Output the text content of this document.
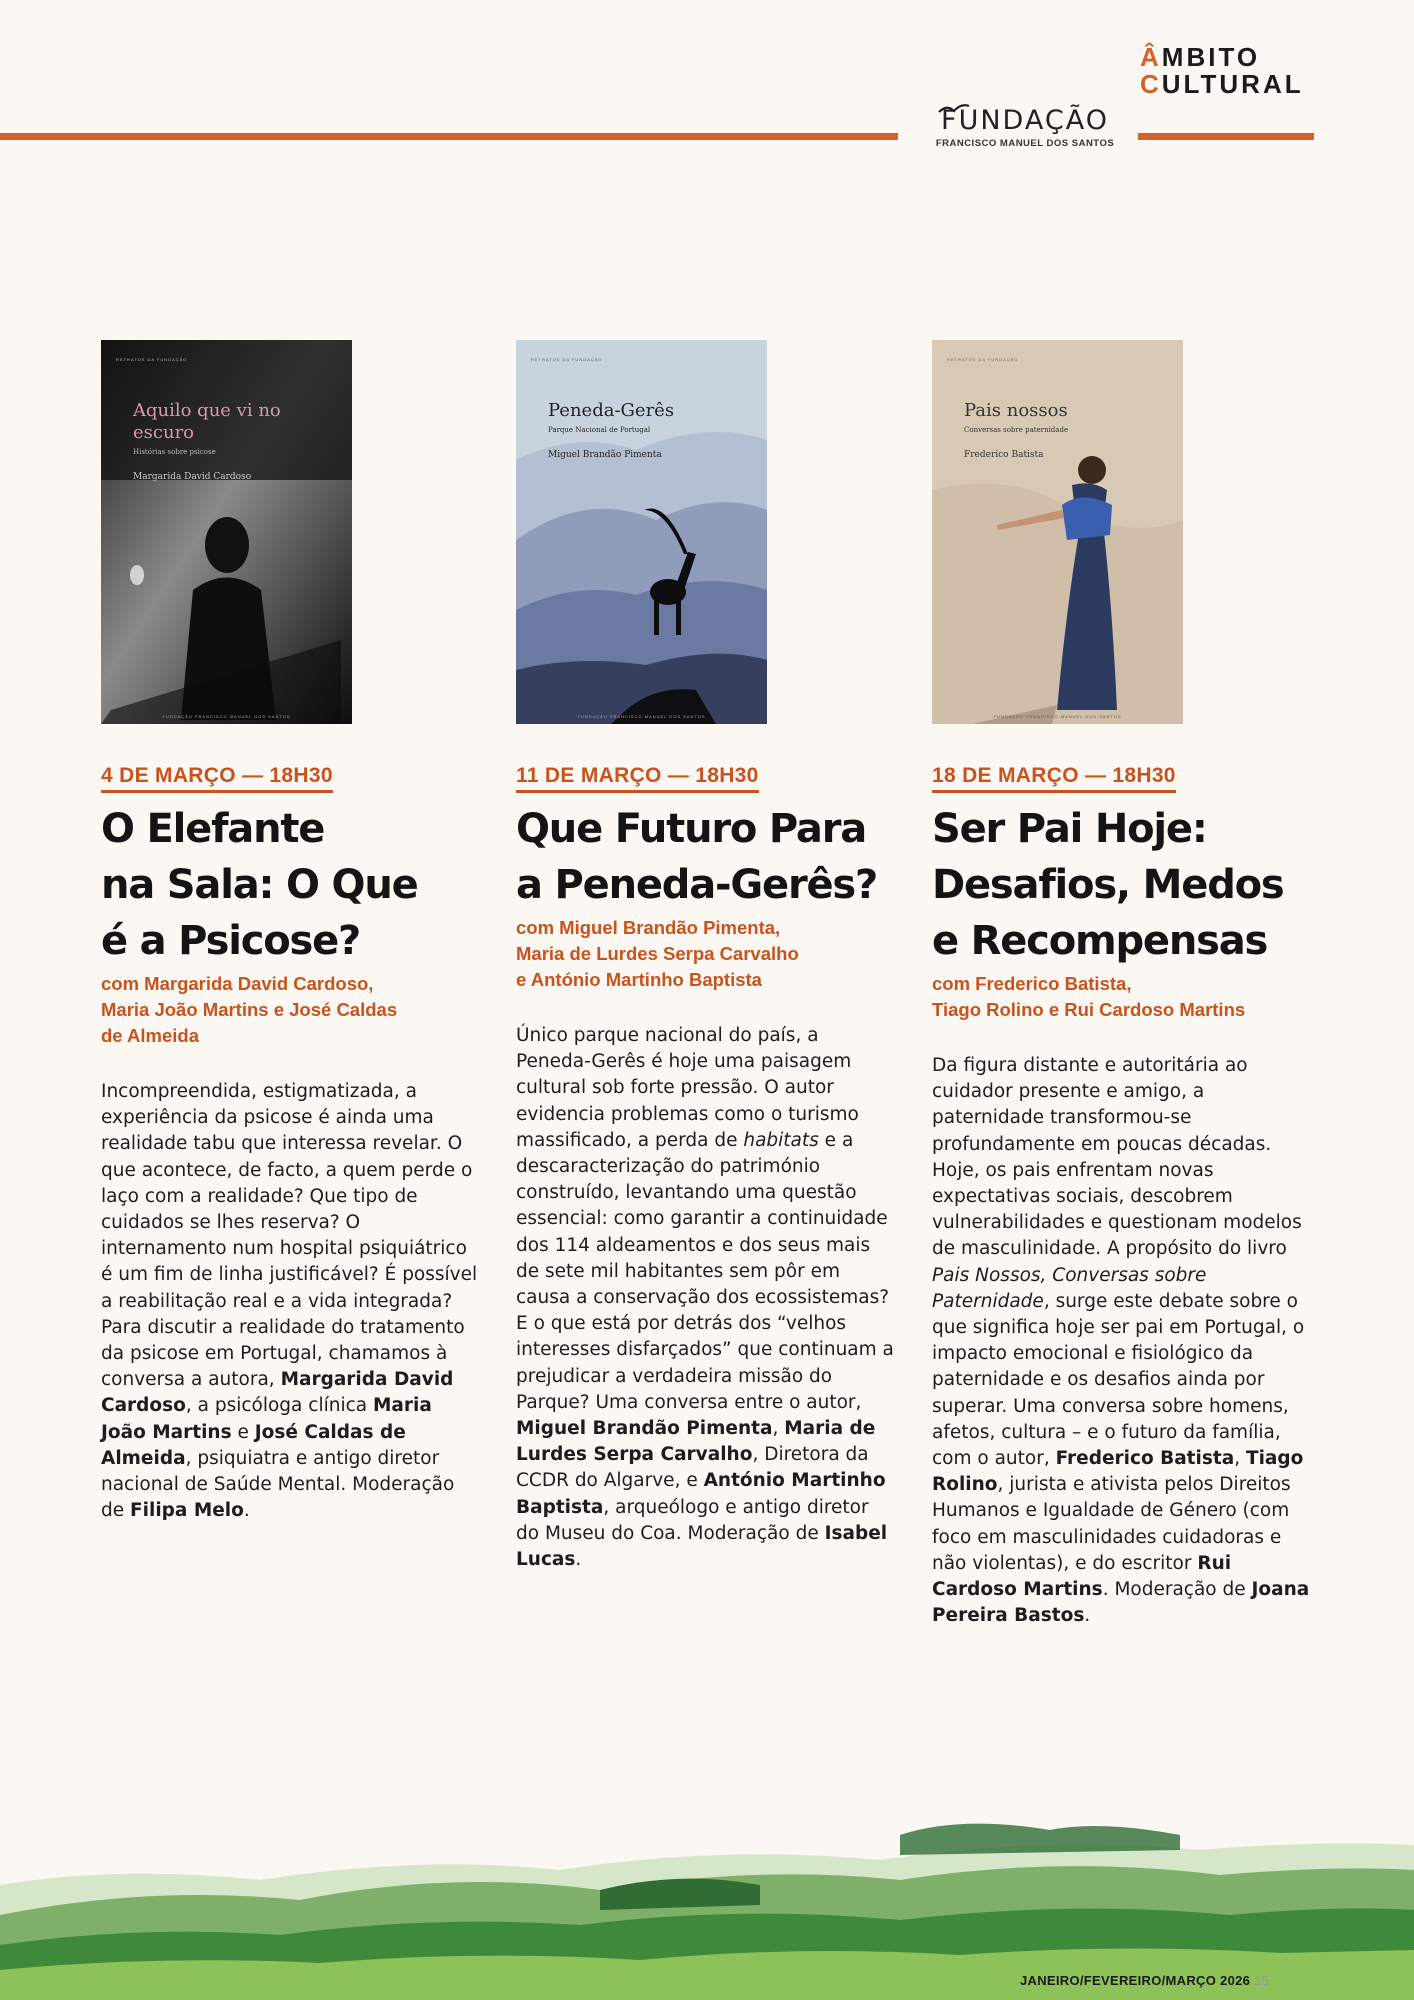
ÂMBITO
CULTURAL
FUNDAÇÃO
FRANCISCO MANUEL DOS SANTOS
RETRATOS DA FUNDAÇÃO
Aquilo que vi no escuro
Histórias sobre psicose
Margarida David Cardoso
FUNDAÇÃO FRANCISCO MANUEL DOS SANTOS
4 DE MARÇO — 18H30
O Elefante
na Sala: O Que
é a Psicose?
com Margarida David Cardoso,
Maria João Martins e José Caldas
de Almeida
Incompreendida, estigmatizada, a experiência da psicose é ainda uma realidade tabu que interessa revelar. O que acontece, de facto, a quem perde o laço com a realidade? Que tipo de cuidados se lhes reserva? O internamento num hospital psiquiátrico é um fim de linha justificável? É possível a reabilitação real e a vida integrada? Para discutir a realidade do tratamento da psicose em Portugal, chamamos à conversa a autora, Margarida David Cardoso, a psicóloga clínica Maria João Martins e José Caldas de Almeida, psiquiatra e antigo diretor nacional de Saúde Mental. Moderação de Filipa Melo.
RETRATOS DA FUNDAÇÃO
Peneda-Gerês
Parque Nacional de Portugal
Miguel Brandão Pimenta
FUNDAÇÃO FRANCISCO MANUEL DOS SANTOS
11 DE MARÇO — 18H30
Que Futuro Para
a Peneda-Gerês?
com Miguel Brandão Pimenta,
Maria de Lurdes Serpa Carvalho
e António Martinho Baptista
Único parque nacional do país, a Peneda-Gerês é hoje uma paisagem cultural sob forte pressão. O autor evidencia problemas como o turismo massificado, a perda de habitats e a descaracterização do património construído, levantando uma questão essencial: como garantir a continuidade dos 114 aldeamentos e dos seus mais de sete mil habitantes sem pôr em causa a conservação dos ecossistemas? E o que está por detrás dos “velhos interesses disfarçados” que continuam a prejudicar a verdadeira missão do Parque? Uma conversa entre o autor, Miguel Brandão Pimenta, Maria de Lurdes Serpa Carvalho, Diretora da CCDR do Algarve, e António Martinho Baptista, arqueólogo e antigo diretor do Museu do Coa. Moderação de Isabel Lucas.
RETRATOS DA FUNDAÇÃO
Pais nossos
Conversas sobre paternidade
Frederico Batista
FUNDAÇÃO FRANCISCO MANUEL DOS SANTOS
18 DE MARÇO — 18H30
Ser Pai Hoje:
Desafios, Medos
e Recompensas
com Frederico Batista,
Tiago Rolino e Rui Cardoso Martins
Da figura distante e autoritária ao cuidador presente e amigo, a paternidade transformou-se profundamente em poucas décadas. Hoje, os pais enfrentam novas expectativas sociais, descobrem vulnerabilidades e questionam modelos de masculinidade. A propósito do livro Pais Nossos, Conversas sobre Paternidade, surge este debate sobre o que significa hoje ser pai em Portugal, o impacto emocional e fisiológico da paternidade e os desafios ainda por superar. Uma conversa sobre homens, afetos, cultura – e o futuro da família, com o autor, Frederico Batista, Tiago Rolino, jurista e ativista pelos Direitos Humanos e Igualdade de Género (com foco em masculinidades cuidadoras e não violentas), e do escritor Rui Cardoso Martins. Moderação de Joana Pereira Bastos.
JANEIRO/FEVEREIRO/MARÇO 2026 15
